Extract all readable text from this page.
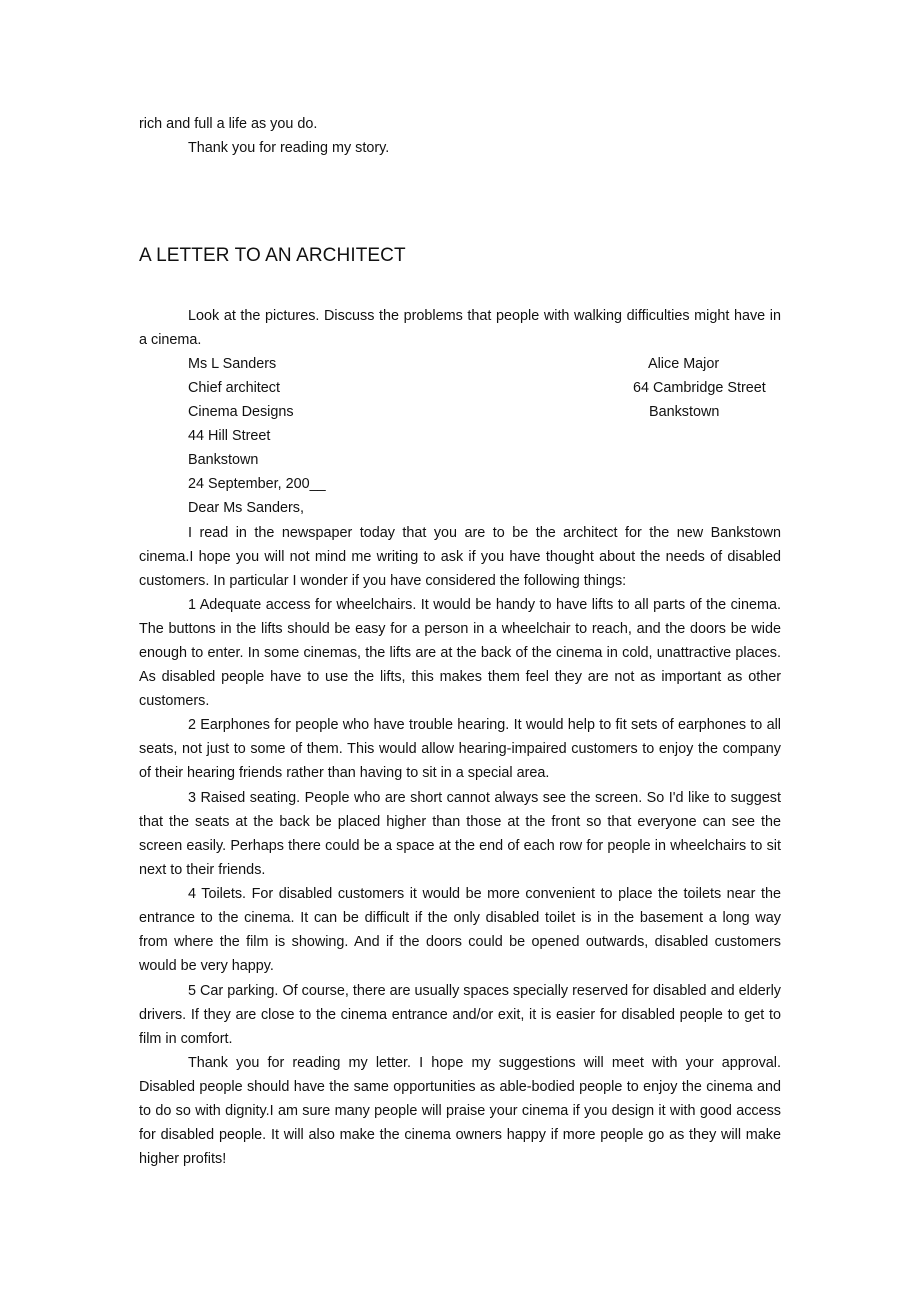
rich and full a life as you do.

Thank you for reading my story.

A LETTER TO AN ARCHITECT

Look at the pictures. Discuss the problems that people with walking difficulties might have in a cinema.

Ms L Sanders

Chief architect

Cinema Designs

44 Hill Street

Bankstown

Alice Major

64 Cambridge Street

Bankstown

24 September, 200__

Dear Ms Sanders,

I read in the newspaper today that you are to be the architect for the new Bankstown cinema.I hope you will not mind me writing to ask if you have thought about the needs of disabled customers. In particular I wonder if you have considered the following things:

1 Adequate access for wheelchairs. It would be handy to have lifts to all parts of the cinema. The buttons in the lifts should be easy for a person in a wheelchair to reach, and the doors be wide enough to enter. In some cinemas, the lifts are at the back of the cinema in cold, unattractive places. As disabled people have to use the lifts, this makes them feel they are not as important as other customers.

2 Earphones for people who have trouble hearing. It would help to fit sets of earphones to all seats, not just to some of them. This would allow hearing-impaired customers to enjoy the company of their hearing friends rather than having to sit in a special area.

3 Raised seating. People who are short cannot always see the screen. So I'd like to suggest that the seats at the back be placed higher than those at the front so that everyone can see the screen easily. Perhaps there could be a space at the end of each row for people in wheelchairs to sit next to their friends.

4 Toilets. For disabled customers it would be more convenient to place the toilets near the entrance to the cinema. It can be difficult if the only disabled toilet is in the basement a long way from where the film is showing. And if the doors could be opened outwards, disabled customers would be very happy.

5 Car parking. Of course, there are usually spaces specially reserved for disabled and elderly drivers. If they are close to the cinema entrance and/or exit, it is easier for disabled people to get to film in comfort.

Thank you for reading my letter. I hope my suggestions will meet with your approval. Disabled people should have the same opportunities as able-bodied people to enjoy the cinema and to do so with dignity.I am sure many people will praise your cinema if you design it with good access for disabled people. It will also make the cinema owners happy if more people go as they will make higher profits!
